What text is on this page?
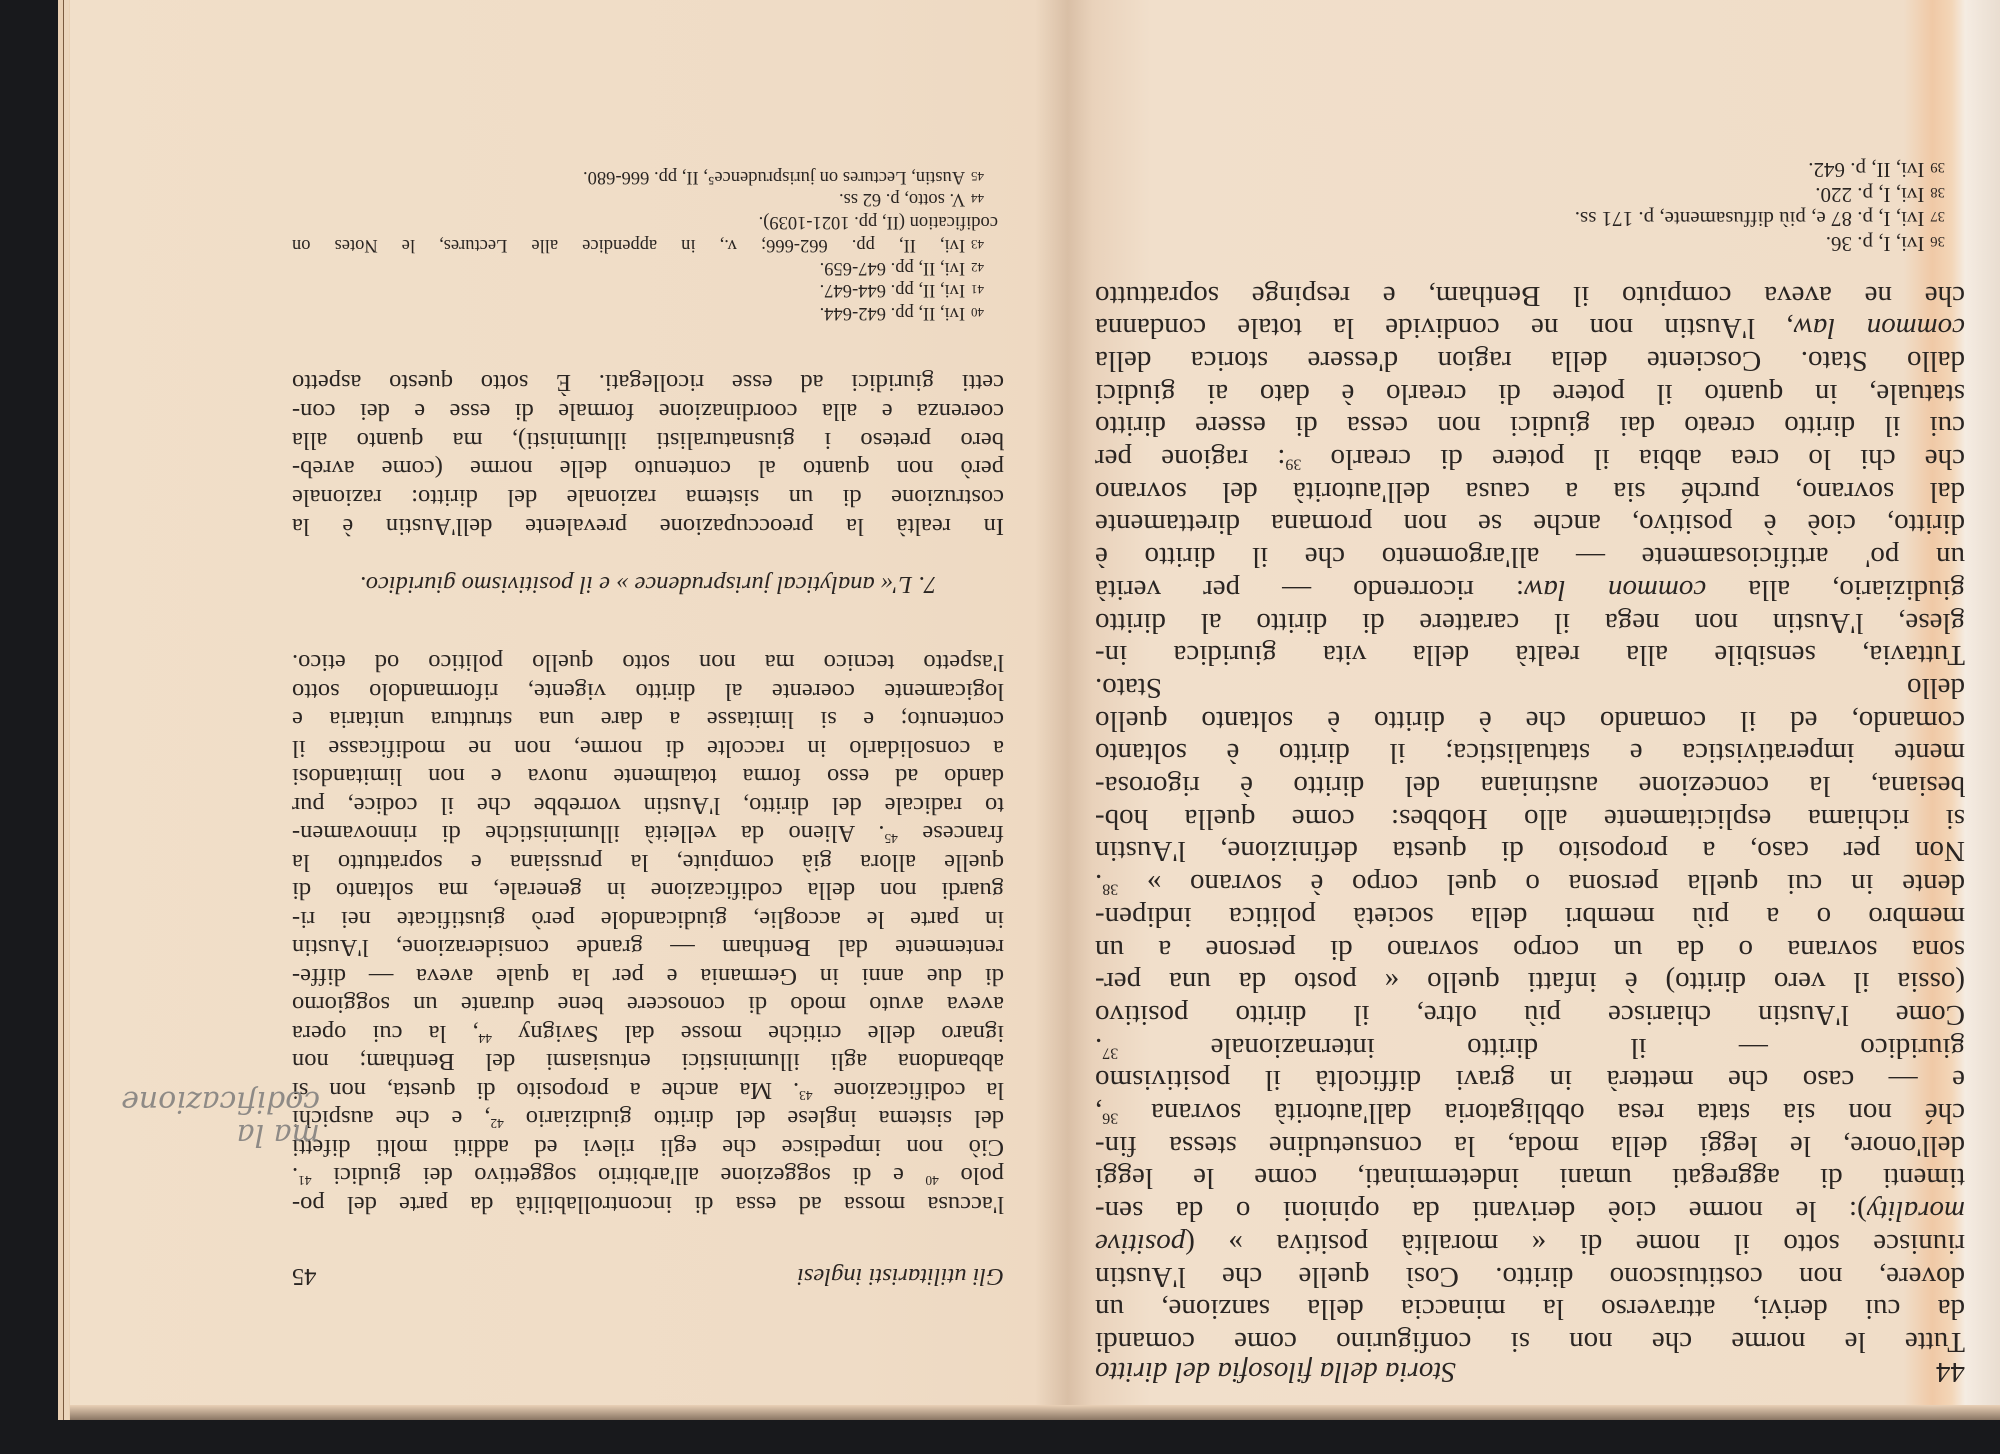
Gli utilitaristi inglesi
45
l'accusa mossa ad essa di incontrollabilità da parte del po-
polo $^{40}$ e di soggezione all'arbitrio soggettivo dei giudici $^{41}$.
Ciò non impedisce che egli rilevi ed additi molti difetti
del sistema inglese del diritto giudiziario $^{42}$, e che auspichi
la codificazione $^{43}$. Ma anche a proposito di questa, non si
abbandona agli illuministici entusiasmi del Bentham; non
ignaro delle critiche mosse dal Savigny $^{44}$, la cui opera
aveva avuto modo di conoscere bene durante un soggiorno
di due anni in Germania e per la quale aveva — diffe-
rentemente dal Bentham — grande considerazione, l'Austin
in parte le accoglie, giudicandole però giustificate nei ri-
guardi non della codificazione in generale, ma soltanto di
quelle allora già compiute, la prussiana e soprattutto la
francese $^{45}$. Alieno da velleità illuministiche di rinnovamen-
to radicale del diritto, l'Austin vorrebbe che il codice, pur
dando ad esso forma totalmente nuova e non limitandosi
a consolidarlo in raccolte di norme, non ne modificasse il
contenuto; e si limitasse a dare una struttura unitaria e
logicamente coerente al diritto vigente, riformandolo sotto
l'aspetto tecnico ma non sotto quello politico od etico.
7. L'« analytical jurisprudence » e il positivismo giuridico.
In realtà la preoccupazione prevalente dell'Austin è la
costruzione di un sistema razionale del diritto: razionale
però non quanto al contenuto delle norme (come avreb-
bero preteso i giusnaturalisti illuministi), ma quanto alla
coerenza e alla coordinazione formale di esse e dei con-
cetti giuridici ad esse ricollegati. È sotto questo aspetto
40Ivi, II, pp. 642-644.
41Ivi, II, pp. 644-647.
42Ivi, II, pp. 647-659.
43Ivi, II, pp. 662-666; v., in appendice alle Lectures, le Notes on
codification (II, pp. 1021-1039).
44V. sotto, p. 62 ss.
45Austin, Lectures on jurisprudence⁵, II, pp. 666-680.
44
Storia della filosofia del diritto
Tutte le norme che non si configurino come comandi
da cui derivi, attraverso la minaccia della sanzione, un
dovere, non costituiscono diritto. Così quelle che l'Austin
riunisce sotto il nome di « moralità positiva » (positive
morality): le norme cioè derivanti da opinioni o da sen-
timenti di aggregati umani indeterminati, come le leggi
dell'onore, le leggi della moda, la consuetudine stessa fin-
ché non sia stata resa obbligatoria dall'autorità sovrana $^{36}$,
e — caso che metterà in gravi difficoltà il positivismo
giuridico — il diritto internazionale $^{37}$.
Come l'Austin chiarisce più oltre, il diritto positivo
(ossia il vero diritto) è infatti quello « posto da una per-
sona sovrana o da un corpo sovrano di persone a un
membro o a più membri della società politica indipen-
dente in cui quella persona o quel corpo è sovrano » $^{38}$.
Non per caso, a proposito di questa definizione, l'Austin
si richiama esplicitamente allo Hobbes: come quella hob-
besiana, la concezione austiniana del diritto è rigorosa-
mente imperativistica e statualistica; il diritto è soltanto
comando, ed il comando che è diritto è soltanto quello
dello Stato.
Tuttavia, sensibile alla realtà della vita giuridica in-
glese, l'Austin non nega il carattere di diritto al diritto
giudiziario, alla common law: ricorrendo — per verità
un po' artificiosamente — all'argomento che il diritto è
diritto, cioè è positivo, anche se non promana direttamente
dal sovrano, purché sia a causa dell'autorità del sovrano
che chi lo crea abbia il potere di crearlo $^{39}$: ragione per
cui il diritto creato dai giudici non cessa di essere diritto
statuale, in quanto il potere di crearlo è dato ai giudici
dallo Stato. Cosciente della ragion d'essere storica della
common law, l'Austin non ne condivide la totale condanna
che ne aveva compiuto il Bentham, e respinge soprattutto
36Ivi, I, p. 36.
37Ivi, I, p. 87 e, più diffusamente, p. 171 ss.
38Ivi, I, p. 220.
39Ivi, II, p. 642.
ma la codificazione
